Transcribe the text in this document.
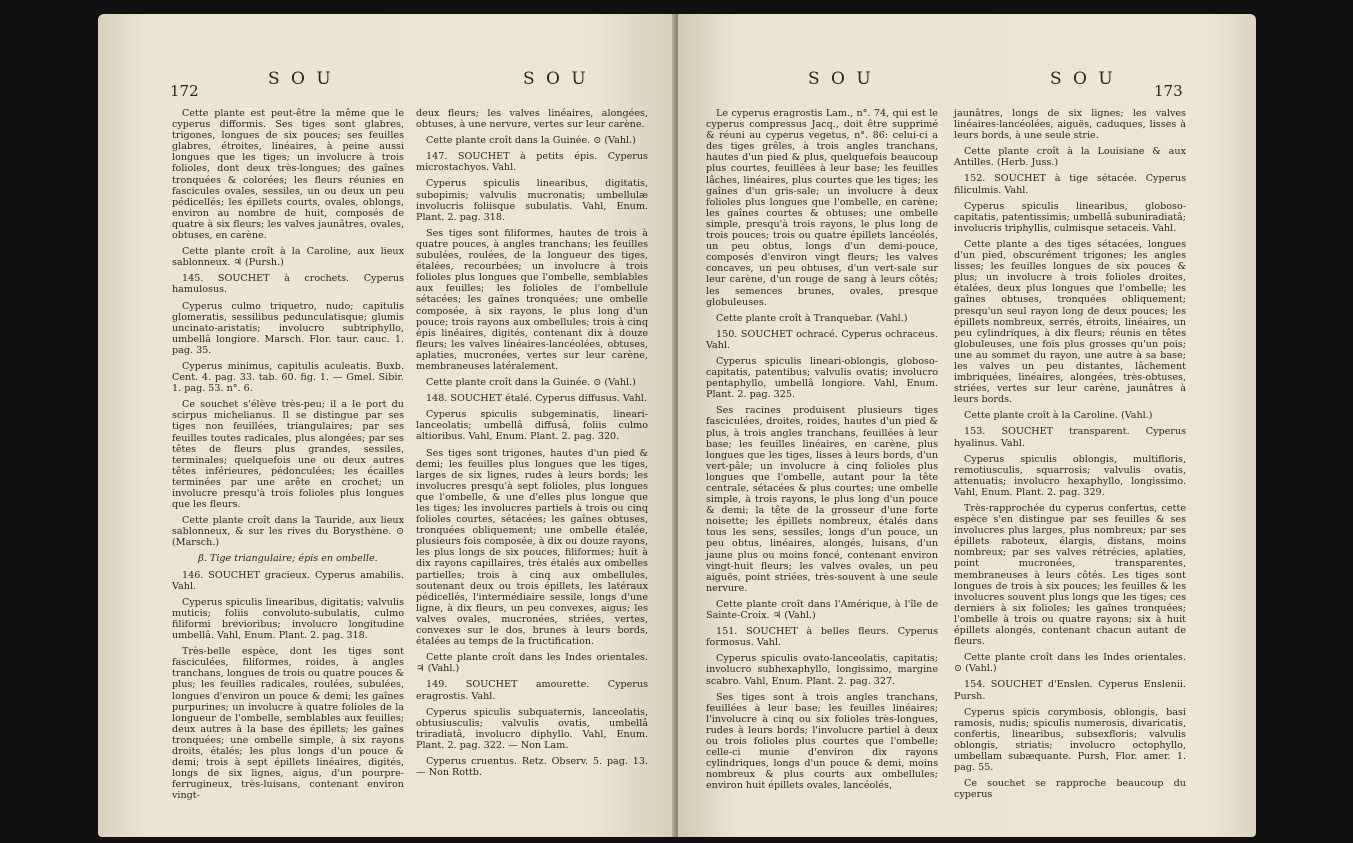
172
S O U	S O U

Cette plante est peut-être la même que le cyperus difformis. Ses tiges sont glabres, trigones, longues de six pouces; ses feuilles glabres, étroites, linéaires, à peine aussi longues que les tiges; un involucre à trois folioles, dont deux très-longues; des gaînes tronquées & colorées; les fleurs réunies en fascicules ovales, sessiles, un ou deux un peu pédicellés; les épillets courts, ovales, oblongs, environ au nombre de huit, composés de quatre à six fleurs; les valves jaunâtres, ovales, obtuses, en carène.

Cette plante croît à la Caroline, aux lieux sablonneux. ♃ (Pursh.)

145. SOUCHET à crochets. Cyperus hamulosus.

Cyperus culmo triquetro, nudo; capitulis glomeratis, sessilibus pedunculatisque; glumis uncinato-aristatis; involucro subtriphyllo, umbellâ longiore. Marsch. Flor. taur. cauc. 1. pag. 35.

Cyperus minimus, capitulis aculeatis. Buxb. Cent. 4. pag. 33. tab. 60. fig. 1. — Gmel. Sibir. 1. pag. 53. n°. 6.

Ce souchet s'élève très-peu; il a le port du scirpus michelianus. Il se distingue par ses tiges non feuillées, triangulaires; par ses feuilles toutes radicales, plus alongées; par ses têtes de fleurs plus grandes, sessiles, terminales; quelquefois une ou deux autres têtes inférieures, pédonculées; les écailles terminées par une arête en crochet; un involucre presqu'à trois folioles plus longues que les fleurs.

Cette plante croît dans la Tauride, aux lieux sablonneux, & sur les rives du Borysthène. ⊙ (Marsch.)

β. Tige triangulaire; épis en ombelle.

146. SOUCHET gracieux. Cyperus amabilis. Vahl.

Cyperus spiculis linearibus, digitatis; valvulis muticis; foliis convoluto-subulatis, culmo filiformi brevioribus; involucro longitudine umbellâ. Vahl, Enum. Plant. 2. pag. 318.

Très-belle espèce, dont les tiges sont fasciculées, filiformes, roides, à angles tranchans, longues de trois ou quatre pouces & plus; les feuilles radicales, roulées, subulées, longues d'environ un pouce & demi; les gaînes purpurines; un involucre à quatre folioles de la longueur de l'ombelle, semblables aux feuilles; deux autres à la base des épillets; les gaînes tronquées; une ombelle simple, à six rayons droits, étalés; les plus longs d'un pouce & demi; trois à sept épillets linéaires, digités, longs de six lignes, aigus, d'un pourpre-ferrugineux, très-luisans, contenant environ vingt-

deux fleurs; les valves linéaires, alongées, obtuses, à une nervure, vertes sur leur carène.

Cette plante croît dans la Guinée. ⊙ (Vahl.)

147. SOUCHET à petits épis. Cyperus microstachyos. Vahl.

Cyperus spiculis linearibus, digitatis, subopimis; valvulis mucronatis; umbellulæ involucris foliisque subulatis. Vahl, Enum. Plant. 2. pag. 318.

Ses tiges sont filiformes, hautes de trois à quatre pouces, à angles tranchans; les feuilles subulées, roulées, de la longueur des tiges, étalées, recourbées; un involucre à trois folioles plus longues que l'ombelle, semblables aux feuilles; les folioles de l'ombellule sétacées; les gaînes tronquées; une ombelle composée, à six rayons, le plus long d'un pouce; trois rayons aux ombellules; trois à cinq épis linéaires, digités, contenant dix à douze fleurs; les valves linéaires-lancéolées, obtuses, aplaties, mucronées, vertes sur leur carène, membraneuses latéralement.

Cette plante croît dans la Guinée. ⊙ (Vahl.)

148. SOUCHET étalé. Cyperus diffusus. Vahl.

Cyperus spiculis subgeminatis, lineari-lanceolatis; umbellâ diffusâ, foliis culmo altioribus. Vahl, Enum. Plant. 2. pag. 320.

Ses tiges sont trigones, hautes d'un pied & demi; les feuilles plus longues que les tiges, larges de six lignes, rudes à leurs bords; les involucres presqu'à sept folioles, plus longues que l'ombelle, & une d'elles plus longue que les tiges; les involucres partiels à trois ou cinq folioles courtes, sétacées; les gaînes obtuses, tronquées obliquement; une ombelle étalée, plusieurs fois composée, à dix ou douze rayons, les plus longs de six pouces, filiformes; huit à dix rayons capillaires, très étalés aux ombelles partielles; trois à cinq aux ombellules, soutenant deux ou trois épillets, les latéraux pédicellés, l'intermédiaire sessile, longs d'une ligne, à dix fleurs, un peu convexes, aigus; les valves ovales, mucronées, striées, vertes, convexes sur le dos, brunes à leurs bords, étalées au temps de la fructification.

Cette plante croît dans les Indes orientales. ♃ (Vahl.)

149. SOUCHET amourette. Cyperus eragrostis. Vahl.

Cyperus spiculis subquaternis, lanceolatis, obtusiusculis; valvulis ovatis, umbellâ triradiatâ, involucro diphyllo. Vahl, Enum. Plant. 2. pag. 322. — Non Lam.

Cyperus cruentus. Retz. Observ. 5. pag. 13. — Non Rottb.

S O U	S O U
173

Le cyperus eragrostis Lam., n°. 74, qui est le cyperus compressus Jacq., doit être supprimé & réuni au cyperus vegetus, n°. 86: celui-ci a des tiges grêles, à trois angles tranchans, hautes d'un pied & plus, quelquefois beaucoup plus courtes, feuillées à leur base; les feuilles lâches, linéaires, plus courtes que les tiges; les gaînes d'un gris-sale; un involucre à deux folioles plus longues que l'ombelle, en carène; les gaînes courtes & obtuses; une ombelle simple, presqu'à trois rayons, le plus long de trois pouces; trois ou quatre épillets lancéolés, un peu obtus, longs d'un demi-pouce, composés d'environ vingt fleurs; les valves concaves, un peu obtuses, d'un vert-sale sur leur carène, d'un rouge de sang à leurs côtés; les semences brunes, ovales, presque globuleuses.

Cette plante croît à Tranquebar. (Vahl.)

150. SOUCHET ochracé. Cyperus ochraceus. Vahl.

Cyperus spiculis lineari-oblongis, globoso-capitatis, patentibus; valvulis ovatis; involucro pentaphyllo, umbellâ longiore. Vahl, Enum. Plant. 2. pag. 325.

Ses racines produisent plusieurs tiges fasciculées, droites, roides, hautes d'un pied & plus, à trois angles tranchans, feuillées à leur base; les feuilles linéaires, en carène, plus longues que les tiges, lisses à leurs bords, d'un vert-pâle; un involucre à cinq folioles plus longues que l'ombelle, autant pour la tête centrale, sétacées & plus courtes; une ombelle simple, à trois rayons, le plus long d'un pouce & demi; la tête de la grosseur d'une forte noisette; les épillets nombreux, étalés dans tous les sens, sessiles, longs d'un pouce, un peu obtus, linéaires, alongés, luisans, d'un jaune plus ou moins foncé, contenant environ vingt-huit fleurs; les valves ovales, un peu aiguës, point striées, très-souvent à une seule nervure.

Cette plante croît dans l'Amérique, à l'île de Sainte-Croix. ♃ (Vahl.)

151. SOUCHET à belles fleurs. Cyperus formosus. Vahl.

Cyperus spiculis ovato-lanceolatis, capitatis; involucro subhexaphyllo, longissimo, margine scabro. Vahl, Enum. Plant. 2. pag. 327.

Ses tiges sont à trois angles tranchans, feuillées à leur base; les feuilles linéaires; l'involucre à cinq ou six folioles très-longues, rudes à leurs bords; l'involucre partiel à deux ou trois folioles plus courtes que l'ombelle; celle-ci munie d'environ dix rayons cylindriques, longs d'un pouce & demi, moins nombreux & plus courts aux ombellules; environ huit épillets ovales, lancéolés,

jaunâtres, longs de six lignes; les valves linéaires-lancéolées, aiguës, caduques, lisses à leurs bords, à une seule strie.

Cette plante croît à la Louisiane & aux Antilles. (Herb. Juss.)

152. SOUCHET à tige sétacée. Cyperus filiculmis. Vahl.

Cyperus spiculis linearibus, globoso-capitatis, patentissimis; umbellâ subuniradiatâ; involucris triphyllis, culmisque setaceis. Vahl.

Cette plante a des tiges sétacées, longues d'un pied, obscurément trigones; les angles lisses; les feuilles longues de six pouces & plus; un involucre à trois folioles droites, étalées, deux plus longues que l'ombelle; les gaînes obtuses, tronquées obliquement; presqu'un seul rayon long de deux pouces; les épillets nombreux, serrés, étroits, linéaires, un peu cylindriques, à dix fleurs; réunis en têtes globuleuses, une fois plus grosses qu'un pois; une au sommet du rayon, une autre à sa base; les valves un peu distantes, lâchement imbriquées, linéaires, alongées, très-obtuses, striées, vertes sur leur carène, jaunâtres à leurs bords.

Cette plante croît à la Caroline. (Vahl.)

153. SOUCHET transparent. Cyperus hyalinus. Vahl.

Cyperus spiculis oblongis, multifloris, remotiusculis, squarrosis; valvulis ovatis, attenuatis; involucro hexaphyllo, longissimo. Vahl, Enum. Plant. 2. pag. 329.

Très-rapprochée du cyperus confertus, cette espèce s'en distingue par ses feuilles & ses involucres plus larges, plus nombreux; par ses épillets raboteux, élargis, distans, moins nombreux; par ses valves rétrécies, aplaties, point mucronées, transparentes, membraneuses à leurs côtés. Les tiges sont longues de trois à six pouces; les feuilles & les involucres souvent plus longs que les tiges; ces derniers à six folioles; les gaînes tronquées; l'ombelle à trois ou quatre rayons; six à huit épillets alongés, contenant chacun autant de fleurs.

Cette plante croît dans les Indes orientales. ⊙ (Vahl.)

154. SOUCHET d'Enslen. Cyperus Enslenii. Pursh.

Cyperus spicis corymbosis, oblongis, basi ramosis, nudis; spiculis numerosis, divaricatis, confertis, linearibus, subsexfloris; valvulis oblongis, striatis; involucro octophyllo, umbellam subæquante. Pursh, Flor. amer. 1. pag. 55.

Ce souchet se rapproche beaucoup du cyperus
